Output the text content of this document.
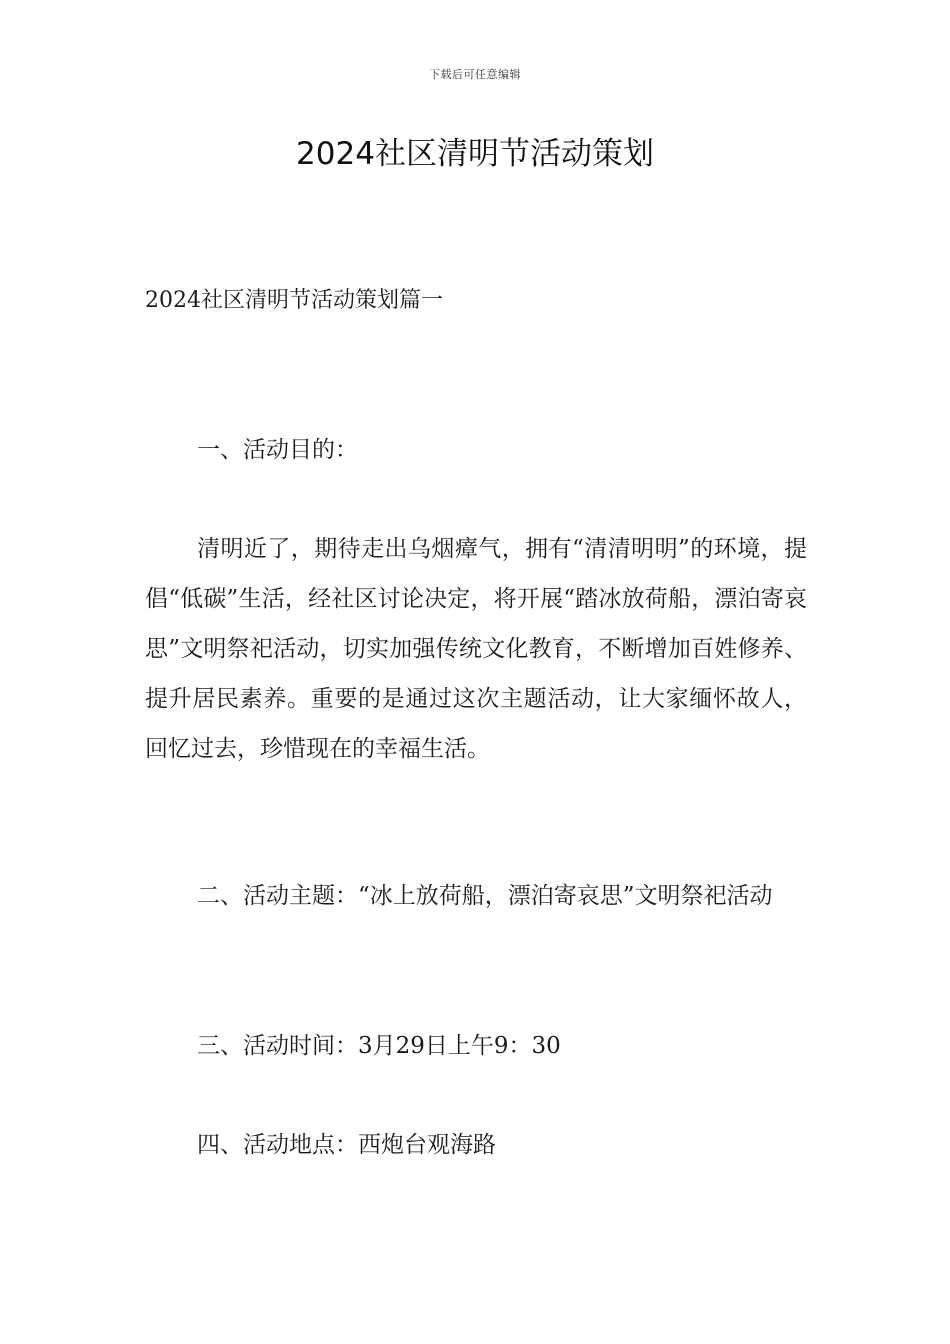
下载后可任意编辑
2024社区清明节活动策划
2024社区清明节活动策划篇一

一、活动目的：

清明近了，期待走出乌烟瘴气，拥有“清清明明”的环境，提倡“低碳”生活，经社区讨论决定，将开展“踏冰放荷船，漂泊寄哀思”文明祭祀活动，切实加强传统文化教育，不断增加百姓修养、提升居民素养。重要的是通过这次主题活动，让大家缅怀故人，回忆过去，珍惜现在的幸福生活。

二、活动主题：“冰上放荷船，漂泊寄哀思”文明祭祀活动

三、活动时间：3月29日上午9：30

四、活动地点：西炮台观海路
